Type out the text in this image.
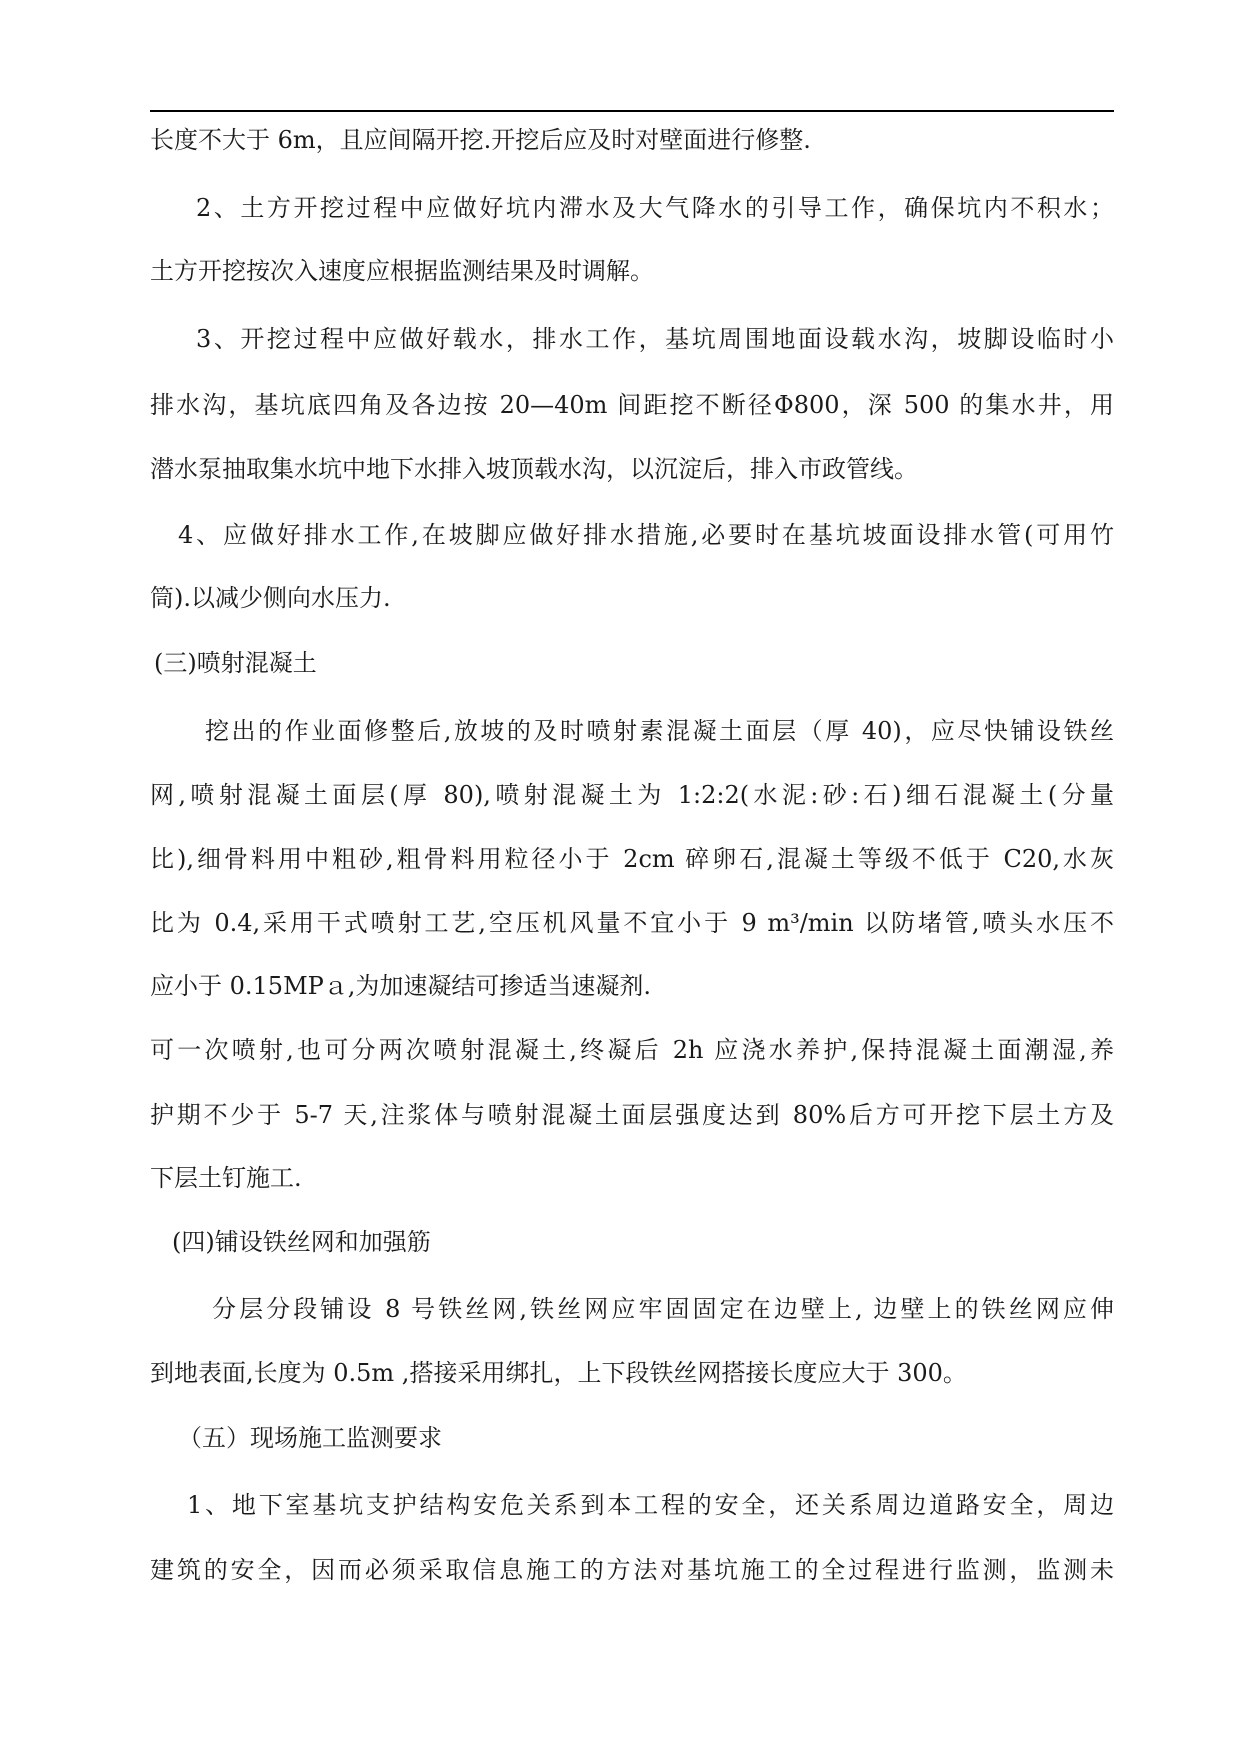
长度不大于 6m，且应间隔开挖.开挖后应及时对壁面进行修整.
2、土方开挖过程中应做好坑内滞水及大气降水的引导工作，确保坑内不积水；
土方开挖按次入速度应根据监测结果及时调解。
3、开挖过程中应做好载水，排水工作，基坑周围地面设载水沟，坡脚设临时小
排水沟，基坑底四角及各边按 20—40m 间距挖不断径Φ800，深 500 的集水井，用
潜水泵抽取集水坑中地下水排入坡顶载水沟，以沉淀后，排入市政管线。
4、应做好排水工作,在坡脚应做好排水措施,必要时在基坑坡面设排水管(可用竹
筒).以减少侧向水压力.
(三)喷射混凝土
挖出的作业面修整后,放坡的及时喷射素混凝土面层（厚 40)，应尽快铺设铁丝
网,喷射混凝土面层(厚 80),喷射混凝土为 1:2:2(水泥:砂:石)细石混凝土(分量
比),细骨料用中粗砂,粗骨料用粒径小于 2cm 碎卵石,混凝土等级不低于 C20,水灰
比为 0.4,采用干式喷射工艺,空压机风量不宜小于 9 m³/min 以防堵管,喷头水压不
应小于 0.15MPａ,为加速凝结可掺适当速凝剂.
可一次喷射,也可分两次喷射混凝土,终凝后 2h 应浇水养护,保持混凝土面潮湿,养
护期不少于 5-7 天,注浆体与喷射混凝土面层强度达到 80%后方可开挖下层土方及
下层土钉施工.
(四)铺设铁丝网和加强筋
分层分段铺设 8 号铁丝网,铁丝网应牢固固定在边壁上, 边壁上的铁丝网应伸
到地表面,长度为 0.5m ,搭接采用绑扎，上下段铁丝网搭接长度应大于 300。
（五）现场施工监测要求
1、地下室基坑支护结构安危关系到本工程的安全，还关系周边道路安全，周边
建筑的安全，因而必须采取信息施工的方法对基坑施工的全过程进行监测，监测未
